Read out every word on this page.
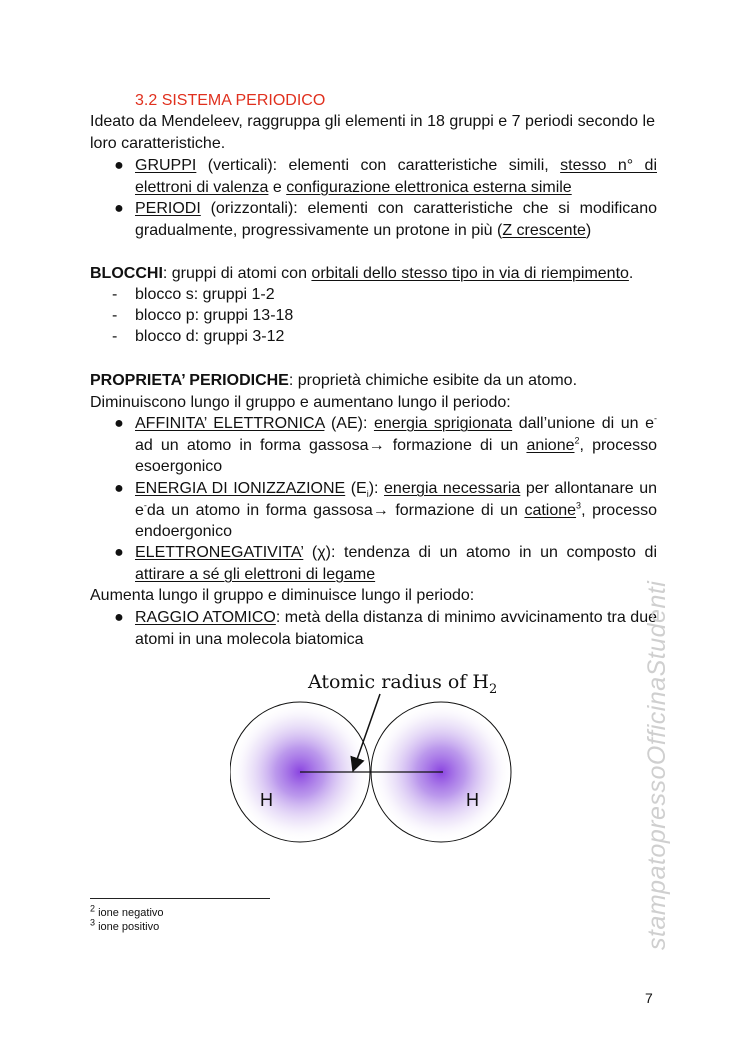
3.2 SISTEMA PERIODICO
Ideato da Mendeleev, raggruppa gli elementi in 18 gruppi e 7 periodi secondo le loro caratteristiche.
● GRUPPI (verticali): elementi con caratteristiche simili, stesso n° di elettroni di valenza e configurazione elettronica esterna simile
● PERIODI (orizzontali): elementi con caratteristiche che si modificano gradualmente, progressivamente un protone in più (Z crescente)
BLOCCHI: gruppi di atomi con orbitali dello stesso tipo in via di riempimento.
- blocco s: gruppi 1-2
- blocco p: gruppi 13-18
- blocco d: gruppi 3-12
PROPRIETA’ PERIODICHE: proprietà chimiche esibite da un atomo.
Diminuiscono lungo il gruppo e aumentano lungo il periodo:
● AFFINITA’ ELETTRONICA (AE): energia sprigionata dall’unione di un e-ad un atomo in forma gassosa→ formazione di un anione$^2$, processo esoergonico
● ENERGIA DI IONIZZAZIONE $(E_i)$: energia necessaria per allontanare un e-da un atomo in forma gassosa→ formazione di un catione$^3$, processo endoergonico
● ELETTRONEGATIVITA’ (χ): tendenza di un atomo in un composto di attirare a sé gli elettroni di legame
Aumenta lungo il gruppo e diminuisce lungo il periodo:
● RAGGIO ATOMICO: metà della distanza di minimo avvicinamento tra due atomi in una molecola biatomica
Atomic radius of $H_2$
H	H
$^2$ ione negativo
$^3$ ione positivo
7
stampatopressoOfficinaStudenti
